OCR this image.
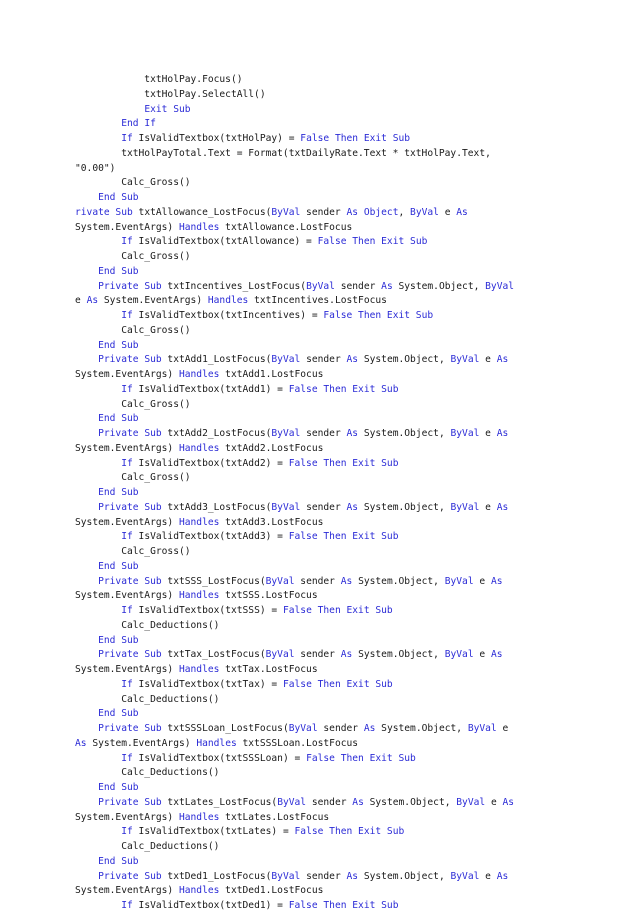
txtHolPay.Focus()
txtHolPay.SelectAll()
Exit Sub
End If
If IsValidTextbox(txtHolPay) = False Then Exit Sub
txtHolPayTotal.Text = Format(txtDailyRate.Text * txtHolPay.Text,
"0.00")
Calc_Gross()
End Sub
rivate Sub txtAllowance_LostFocus(ByVal sender As Object, ByVal e As
System.EventArgs) Handles txtAllowance.LostFocus
If IsValidTextbox(txtAllowance) = False Then Exit Sub
Calc_Gross()
End Sub
Private Sub txtIncentives_LostFocus(ByVal sender As System.Object, ByVal
e As System.EventArgs) Handles txtIncentives.LostFocus
If IsValidTextbox(txtIncentives) = False Then Exit Sub
Calc_Gross()
End Sub
Private Sub txtAdd1_LostFocus(ByVal sender As System.Object, ByVal e As
System.EventArgs) Handles txtAdd1.LostFocus
If IsValidTextbox(txtAdd1) = False Then Exit Sub
Calc_Gross()
End Sub
Private Sub txtAdd2_LostFocus(ByVal sender As System.Object, ByVal e As
System.EventArgs) Handles txtAdd2.LostFocus
If IsValidTextbox(txtAdd2) = False Then Exit Sub
Calc_Gross()
End Sub
Private Sub txtAdd3_LostFocus(ByVal sender As System.Object, ByVal e As
System.EventArgs) Handles txtAdd3.LostFocus
If IsValidTextbox(txtAdd3) = False Then Exit Sub
Calc_Gross()
End Sub
Private Sub txtSSS_LostFocus(ByVal sender As System.Object, ByVal e As
System.EventArgs) Handles txtSSS.LostFocus
If IsValidTextbox(txtSSS) = False Then Exit Sub
Calc_Deductions()
End Sub
Private Sub txtTax_LostFocus(ByVal sender As System.Object, ByVal e As
System.EventArgs) Handles txtTax.LostFocus
If IsValidTextbox(txtTax) = False Then Exit Sub
Calc_Deductions()
End Sub
Private Sub txtSSSLoan_LostFocus(ByVal sender As System.Object, ByVal e
As System.EventArgs) Handles txtSSSLoan.LostFocus
If IsValidTextbox(txtSSSLoan) = False Then Exit Sub
Calc_Deductions()
End Sub
Private Sub txtLates_LostFocus(ByVal sender As System.Object, ByVal e As
System.EventArgs) Handles txtLates.LostFocus
If IsValidTextbox(txtLates) = False Then Exit Sub
Calc_Deductions()
End Sub
Private Sub txtDed1_LostFocus(ByVal sender As System.Object, ByVal e As
System.EventArgs) Handles txtDed1.LostFocus
If IsValidTextbox(txtDed1) = False Then Exit Sub
